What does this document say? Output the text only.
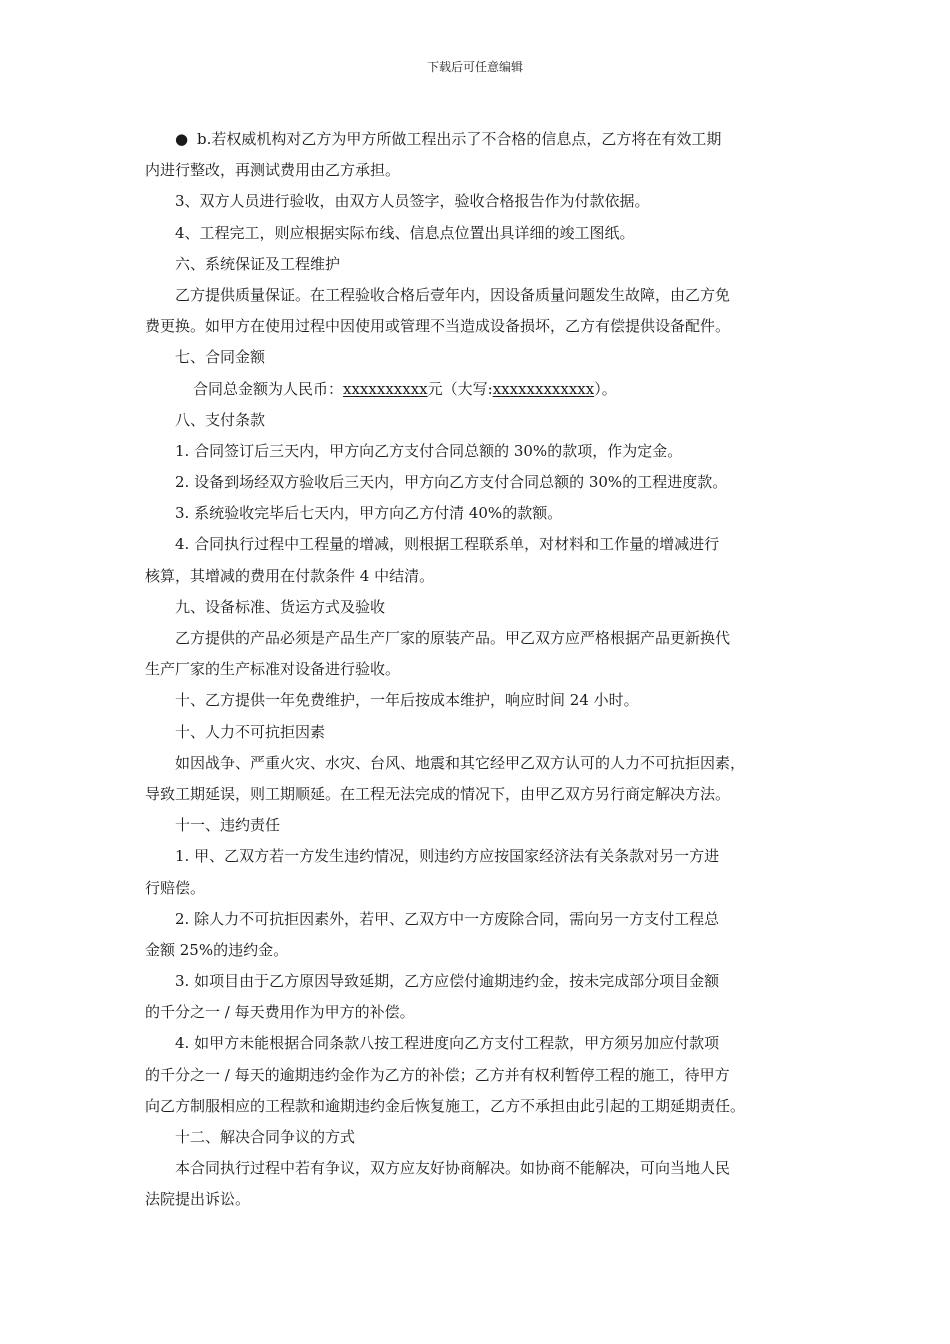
下载后可任意编辑
● b.若权威机构对乙方为甲方所做工程出示了不合格的信息点，乙方将在有效工期
内进行整改，再测试费用由乙方承担。
3、双方人员进行验收，由双方人员签字，验收合格报告作为付款依据。
4、工程完工，则应根据实际布线、信息点位置出具详细的竣工图纸。
六、系统保证及工程维护
乙方提供质量保证。在工程验收合格后壹年内，因设备质量问题发生故障，由乙方免
费更换。如甲方在使用过程中因使用或管理不当造成设备损坏，乙方有偿提供设备配件。
七、合同金额
合同总金额为人民币：xxxxxxxxxx元（大写:xxxxxxxxxxxx）。
八、支付条款
1. 合同签订后三天内，甲方向乙方支付合同总额的 30%的款项，作为定金。
2. 设备到场经双方验收后三天内，甲方向乙方支付合同总额的 30%的工程进度款。
3. 系统验收完毕后七天内，甲方向乙方付清 40%的款额。
4. 合同执行过程中工程量的增减，则根据工程联系单，对材料和工作量的增减进行
核算，其增减的费用在付款条件 4 中结清。
九、设备标准、货运方式及验收
乙方提供的产品必须是产品生产厂家的原装产品。甲乙双方应严格根据产品更新换代
生产厂家的生产标准对设备进行验收。
十、乙方提供一年免费维护，一年后按成本维护，响应时间 24 小时。
十、人力不可抗拒因素
如因战争、严重火灾、水灾、台风、地震和其它经甲乙双方认可的人力不可抗拒因素，
导致工期延误，则工期顺延。在工程无法完成的情况下，由甲乙双方另行商定解决方法。
十一、违约责任
1. 甲、乙双方若一方发生违约情况，则违约方应按国家经济法有关条款对另一方进
行赔偿。
2. 除人力不可抗拒因素外，若甲、乙双方中一方废除合同，需向另一方支付工程总
金额 25%的违约金。
3. 如项目由于乙方原因导致延期，乙方应偿付逾期违约金，按未完成部分项目金额
的千分之一 / 每天费用作为甲方的补偿。
4. 如甲方未能根据合同条款八按工程进度向乙方支付工程款，甲方须另加应付款项
的千分之一 / 每天的逾期违约金作为乙方的补偿；乙方并有权利暂停工程的施工，待甲方
向乙方制服相应的工程款和逾期违约金后恢复施工，乙方不承担由此引起的工期延期责任。
十二、解决合同争议的方式
本合同执行过程中若有争议，双方应友好协商解决。如协商不能解决，可向当地人民
法院提出诉讼。
